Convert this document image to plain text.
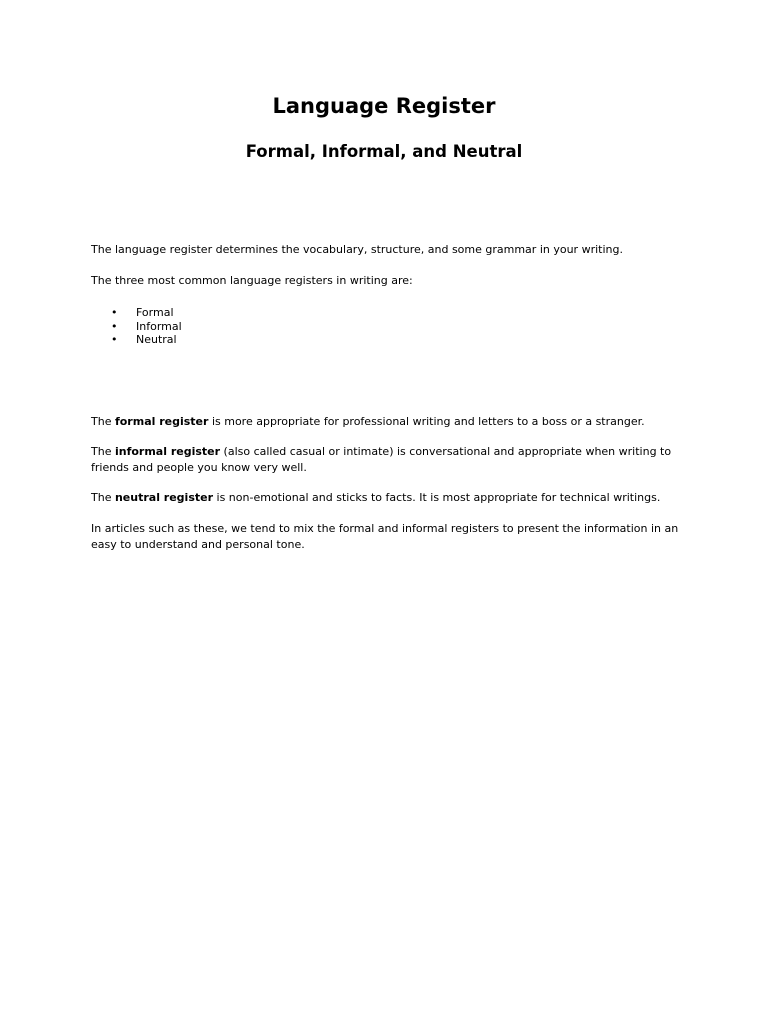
Language Register
Formal, Informal, and Neutral

The language register determines the vocabulary, structure, and some grammar in your writing.

The three most common language registers in writing are:

• Formal
• Informal
• Neutral

The formal register is more appropriate for professional writing and letters to a boss or a stranger.

The informal register (also called casual or intimate) is conversational and appropriate when writing to friends and people you know very well.

The neutral register is non-emotional and sticks to facts. It is most appropriate for technical writings.

In articles such as these, we tend to mix the formal and informal registers to present the information in an easy to understand and personal tone.
